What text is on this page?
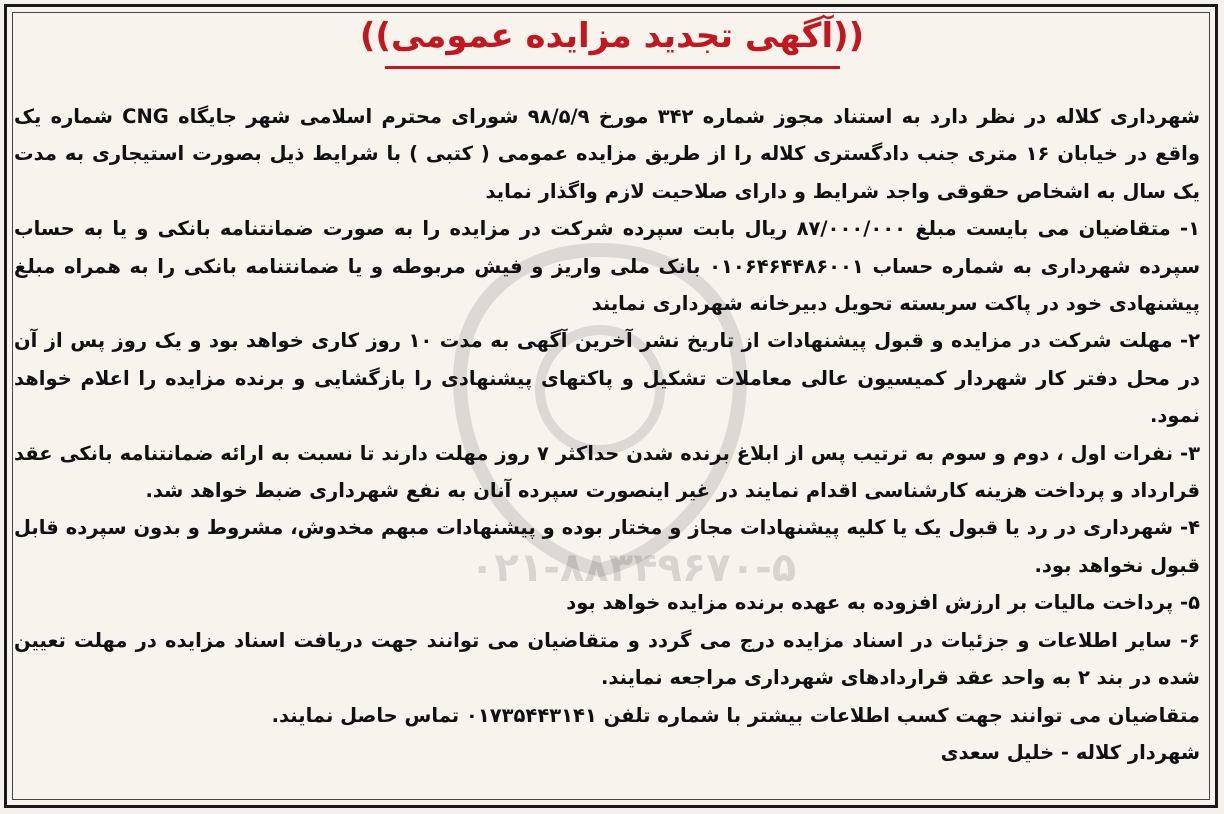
۰۲۱-۸۸۳۴۹۶۷۰-۵
((آگهی تجدید مزایده عمومی))

شهرداری کلاله در نظر دارد به استناد مجوز شماره ۳۴۲ مورخ ۹۸/۵/۹ شورای محترم اسلامی شهر جایگاه CNG شماره یک واقع در خیابان ۱۶ متری جنب دادگستری کلاله را از طریق مزایده عمومی ( کتبی ) با شرایط ذیل بصورت استیجاری به مدت یک سال به اشخاص حقوقی واجد شرایط و دارای صلاحیت لازم واگذار نماید

۱- متقاضیان می بایست مبلغ ۸۷/۰۰۰/۰۰۰ ریال بابت سپرده شرکت در مزایده را به صورت ضمانتنامه بانکی و یا به حساب سپرده شهرداری به شماره حساب ۰۱۰۶۴۶۴۴۸۶۰۰۱ بانک ملی واریز و فیش مربوطه و یا ضمانتنامه بانکی را به همراه مبلغ پیشنهادی خود در پاکت سربسته تحویل دبیرخانه شهرداری نمایند

۲- مهلت شرکت در مزایده و قبول پیشنهادات از تاریخ نشر آخرین آگهی به مدت ۱۰ روز کاری خواهد بود و یک روز پس از آن در محل دفتر کار شهردار کمیسیون عالی معاملات تشکیل و پاکتهای پیشنهادی را بازگشایی و برنده مزایده را اعلام خواهد نمود.

۳- نفرات اول ، دوم و سوم به ترتیب پس از ابلاغ برنده شدن حداکثر ۷ روز مهلت دارند تا نسبت به ارائه ضمانتنامه بانکی عقد قرارداد و پرداخت هزینه کارشناسی اقدام نمایند در غیر اینصورت سپرده آنان به نفع شهرداری ضبط خواهد شد.

۴- شهرداری در رد یا قبول یک یا کلیه پیشنهادات مجاز و مختار بوده و پیشنهادات مبهم مخدوش، مشروط و بدون سپرده قابل قبول نخواهد بود.

۵- پرداخت مالیات بر ارزش افزوده به عهده برنده مزایده خواهد بود

۶- سایر اطلاعات و جزئیات در اسناد مزایده درج می گردد و متقاضیان می توانند جهت دریافت اسناد مزایده در مهلت تعیین شده در بند ۲ به واحد عقد قراردادهای شهرداری مراجعه نمایند.

متقاضیان می توانند جهت کسب اطلاعات بیشتر با شماره تلفن ۰۱۷۳۵۴۴۳۱۴۱ تماس حاصل نمایند.

شهردار کلاله - خلیل سعدی
